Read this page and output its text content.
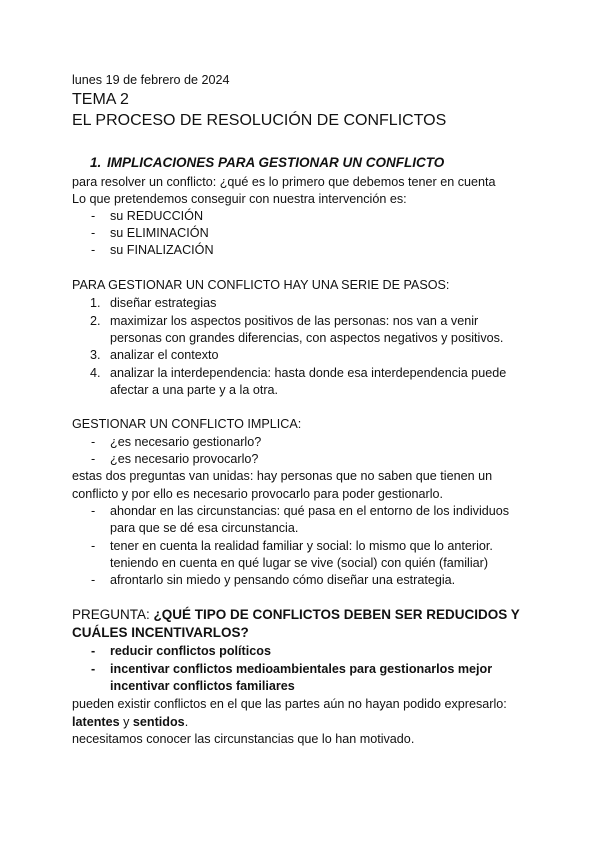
lunes 19 de febrero de 2024
TEMA 2
EL PROCESO DE RESOLUCIÓN DE CONFLICTOS
1. IMPLICACIONES PARA GESTIONAR UN CONFLICTO
para resolver un conflicto: ¿qué es lo primero que debemos tener en cuenta
Lo que pretendemos conseguir con nuestra intervención es:
- su REDUCCIÓN
- su ELIMINACIÓN
- su FINALIZACIÓN
PARA GESTIONAR UN CONFLICTO HAY UNA SERIE DE PASOS:
1. diseñar estrategias
2. maximizar los aspectos positivos de las personas: nos van a venir
personas con grandes diferencias, con aspectos negativos y positivos.
3. analizar el contexto
4. analizar la interdependencia: hasta donde esa interdependencia puede
afectar a una parte y a la otra.
GESTIONAR UN CONFLICTO IMPLICA:
- ¿es necesario gestionarlo?
- ¿es necesario provocarlo?
estas dos preguntas van unidas: hay personas que no saben que tienen un
conflicto y por ello es necesario provocarlo para poder gestionarlo.
- ahondar en las circunstancias: qué pasa en el entorno de los individuos
para que se dé esa circunstancia.
- tener en cuenta la realidad familiar y social: lo mismo que lo anterior.
teniendo en cuenta en qué lugar se vive (social) con quién (familiar)
- afrontarlo sin miedo y pensando cómo diseñar una estrategia.
PREGUNTA: ¿QUÉ TIPO DE CONFLICTOS DEBEN SER REDUCIDOS Y
CUÁLES INCENTIVARLOS?
- reducir conflictos políticos
- incentivar conflictos medioambientales para gestionarlos mejor
incentivar conflictos familiares
pueden existir conflictos en el que las partes aún no hayan podido expresarlo:
latentes y sentidos.
necesitamos conocer las circunstancias que lo han motivado.
